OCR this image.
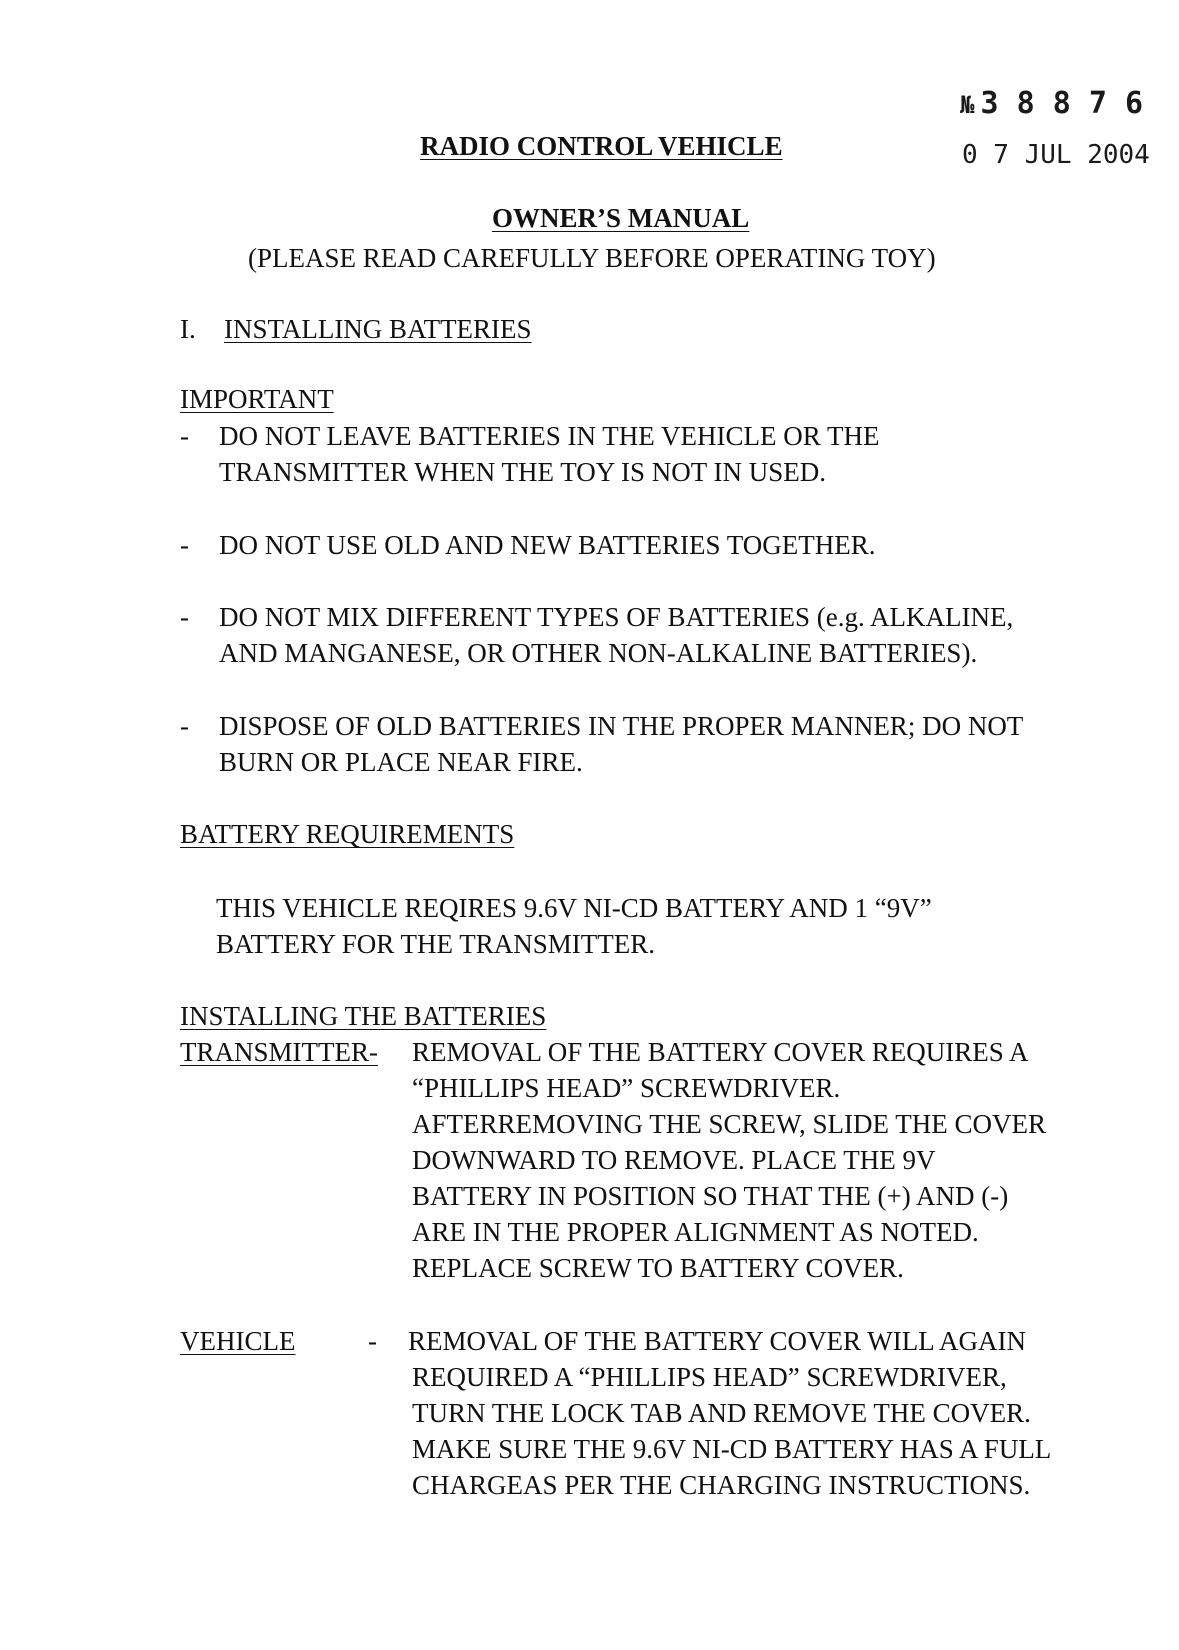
№ 3 8 8 7 6
0 7 JUL 2004
RADIO CONTROL VEHICLE
OWNER’S MANUAL
(PLEASE READ CAREFULLY BEFORE OPERATING TOY)
I. INSTALLING BATTERIES
IMPORTANT
- DO NOT LEAVE BATTERIES IN THE VEHICLE OR THE
TRANSMITTER WHEN THE TOY IS NOT IN USED.
- DO NOT USE OLD AND NEW BATTERIES TOGETHER.
- DO NOT MIX DIFFERENT TYPES OF BATTERIES (e.g. ALKALINE,
AND MANGANESE, OR OTHER NON-ALKALINE BATTERIES).
- DISPOSE OF OLD BATTERIES IN THE PROPER MANNER; DO NOT
BURN OR PLACE NEAR FIRE.
BATTERY REQUIREMENTS
THIS VEHICLE REQIRES 9.6V NI-CD BATTERY AND 1 “9V”
BATTERY FOR THE TRANSMITTER.
INSTALLING THE BATTERIES
TRANSMITTER- REMOVAL OF THE BATTERY COVER REQUIRES A
“PHILLIPS HEAD” SCREWDRIVER.
AFTERREMOVING THE SCREW, SLIDE THE COVER
DOWNWARD TO REMOVE. PLACE THE 9V
BATTERY IN POSITION SO THAT THE (+) AND (-)
ARE IN THE PROPER ALIGNMENT AS NOTED.
REPLACE SCREW TO BATTERY COVER.
VEHICLE	- REMOVAL OF THE BATTERY COVER WILL AGAIN
REQUIRED A “PHILLIPS HEAD” SCREWDRIVER,
TURN THE LOCK TAB AND REMOVE THE COVER.
MAKE SURE THE 9.6V NI-CD BATTERY HAS A FULL
CHARGEAS PER THE CHARGING INSTRUCTIONS.
